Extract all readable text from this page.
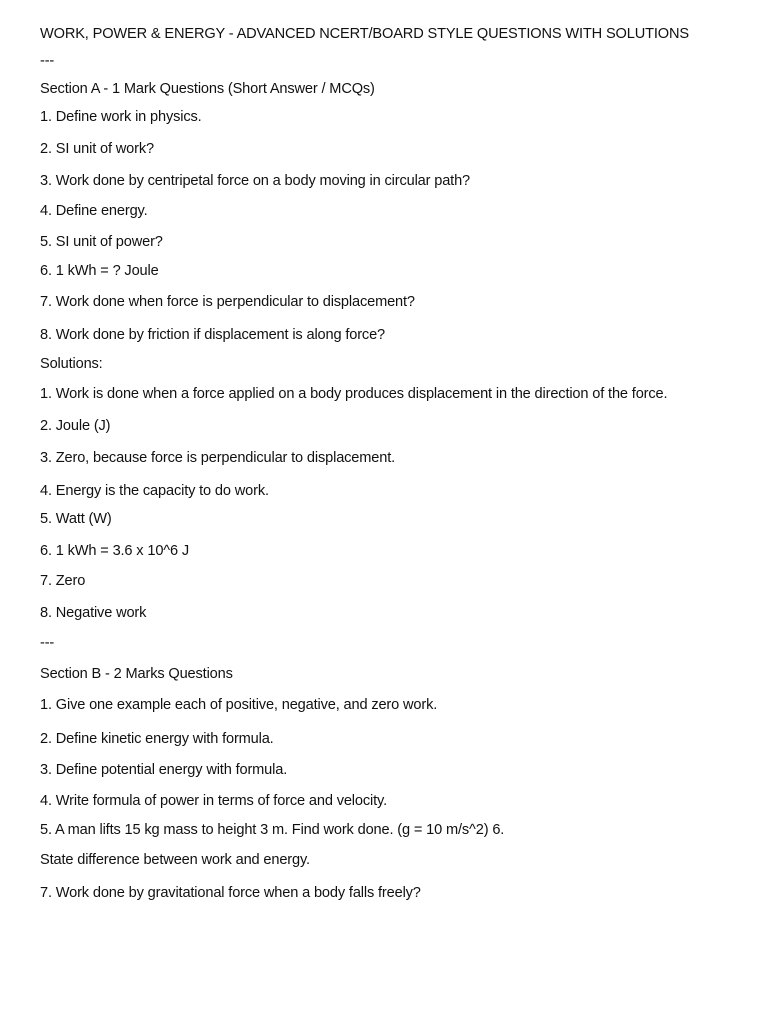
WORK, POWER & ENERGY - ADVANCED NCERT/BOARD STYLE QUESTIONS WITH SOLUTIONS
---
Section A - 1 Mark Questions (Short Answer / MCQs)
1. Define work in physics.
2. SI unit of work?
3. Work done by centripetal force on a body moving in circular path?
4. Define energy.
5. SI unit of power?
6. 1 kWh = ? Joule
7. Work done when force is perpendicular to displacement?
8. Work done by friction if displacement is along force?
Solutions:
1. Work is done when a force applied on a body produces displacement in the direction of the force.
2. Joule (J)
3. Zero, because force is perpendicular to displacement.
4. Energy is the capacity to do work.
5. Watt (W)
6. 1 kWh = 3.6 x 10^6 J
7. Zero
8. Negative work
---
Section B - 2 Marks Questions
1. Give one example each of positive, negative, and zero work.
2. Define kinetic energy with formula.
3. Define potential energy with formula.
4. Write formula of power in terms of force and velocity.
5. A man lifts 15 kg mass to height 3 m. Find work done. (g = 10 m/s^2) 6.
State difference between work and energy.
7. Work done by gravitational force when a body falls freely?
